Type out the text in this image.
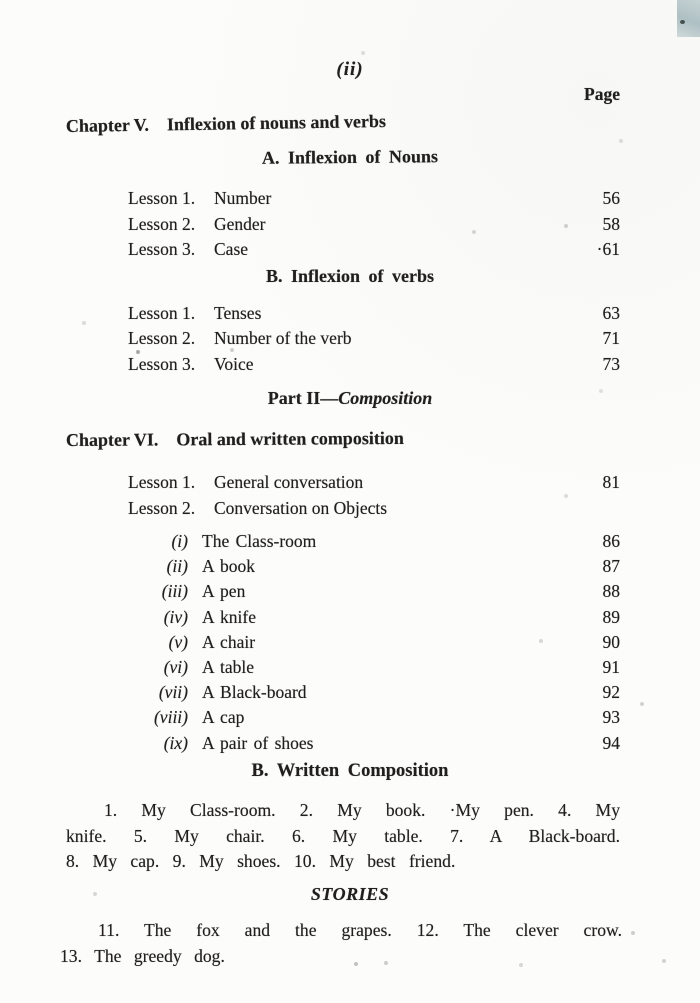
(ii)
Page
Chapter V. Inflexion of nouns and verbs
A. Inflexion of Nouns
Lesson 1.	Number	56
Lesson 2.	Gender	58
Lesson 3.	Case	·61
B. Inflexion of verbs
Lesson 1.	Tenses	63
Lesson 2.	Number of the verb	71
Lesson 3.	Voice	73
Part II—Composition
Chapter VI. Oral and written composition
Lesson 1.	General conversation	81
Lesson 2.	Conversation on Objects
(i) The Class-room	86
(ii) A book	87
(iii) A pen	88
(iv) A knife	89
(v) A chair	90
(vi) A table	91
(vii) A Black-board	92
(viii) A cap	93
(ix) A pair of shoes	94
B. Written Composition
1. My Class-room. 2. My book. ·My pen. 4. My
knife. 5. My chair. 6. My table. 7. A Black-board.
8. My cap. 9. My shoes. 10. My best friend.
STORIES
11. The fox and the grapes. 12. The clever crow.
13. The greedy dog.
